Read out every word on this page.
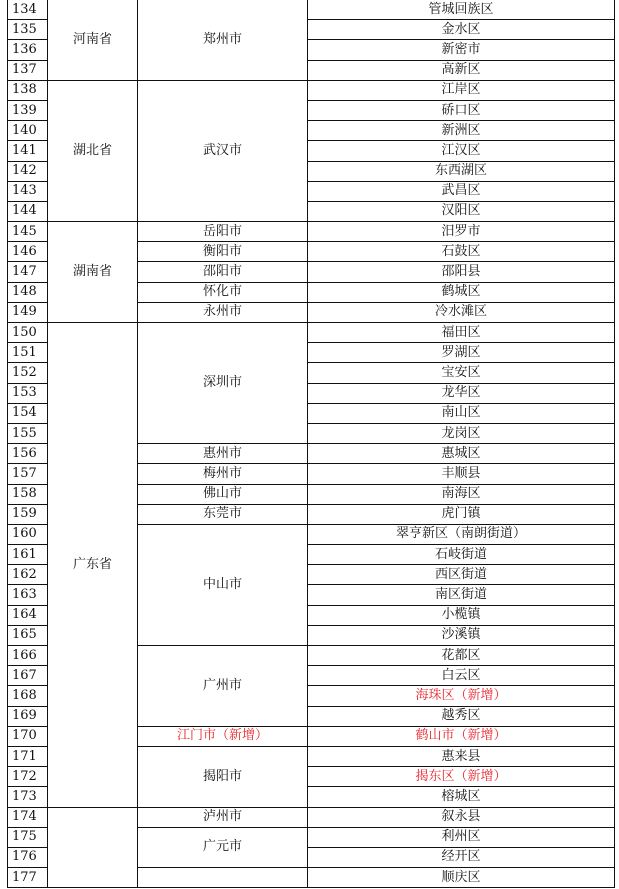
134	河南省	郑州市	管城回族区
135			金水区
136			新密市
137			高新区
138	湖北省	武汉市	江岸区
139			硚口区
140			新洲区
141			江汉区
142			东西湖区
143			武昌区
144			汉阳区
145	湖南省	岳阳市	汨罗市
146		衡阳市	石鼓区
147		邵阳市	邵阳县
148		怀化市	鹤城区
149		永州市	冷水滩区
150	广东省	深圳市	福田区
151			罗湖区
152			宝安区
153			龙华区
154			南山区
155			龙岗区
156		惠州市	惠城区
157		梅州市	丰顺县
158		佛山市	南海区
159		东莞市	虎门镇
160		中山市	翠亨新区（南朗街道）
161			石岐街道
162			西区街道
163			南区街道
164			小榄镇
165			沙溪镇
166		广州市	花都区
167			白云区
168			海珠区（新增）
169			越秀区
170		江门市（新增）	鹤山市（新增）
171		揭阳市	惠来县
172			揭东区（新增）
173			榕城区
174		泸州市	叙永县
175		广元市	利州区
176			经开区
177			顺庆区
